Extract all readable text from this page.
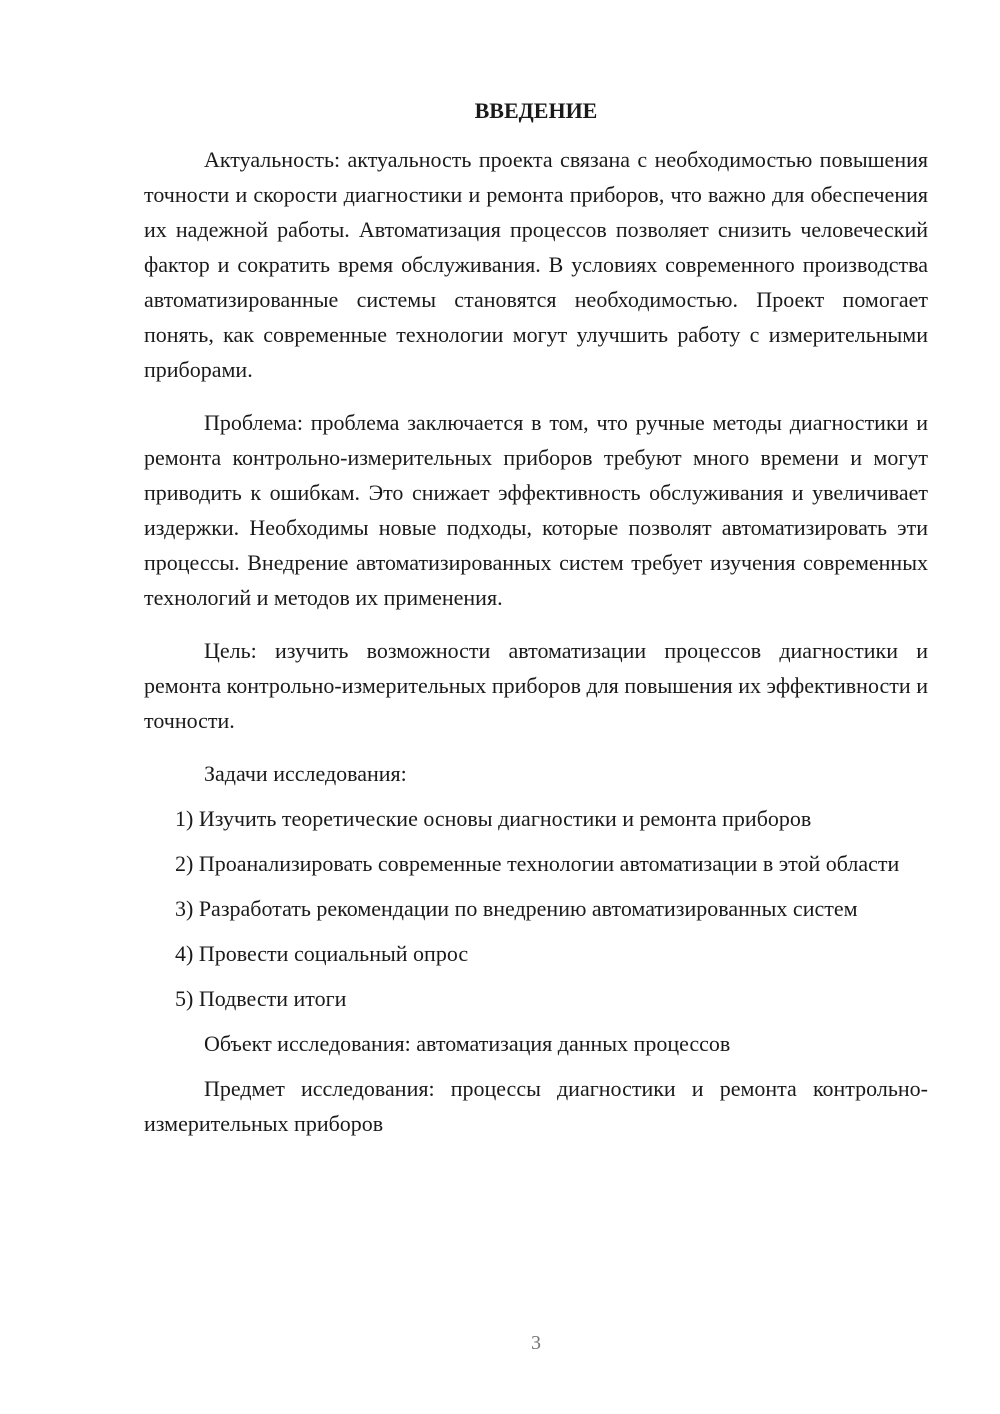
ВВЕДЕНИЕ

Актуальность: актуальность проекта связана с необходимостью повышения точности и скорости диагностики и ремонта приборов, что важно для обеспечения их надежной работы. Автоматизация процессов позволяет снизить человеческий фактор и сократить время обслуживания. В условиях современного производства автоматизированные системы становятся необходимостью. Проект помогает понять, как современные технологии могут улучшить работу с измерительными приборами.

Проблема: проблема заключается в том, что ручные методы диагностики и ремонта контрольно-измерительных приборов требуют много времени и могут приводить к ошибкам. Это снижает эффективность обслуживания и увеличивает издержки. Необходимы новые подходы, которые позволят автоматизировать эти процессы. Внедрение автоматизированных систем требует изучения современных технологий и методов их применения.

Цель: изучить возможности автоматизации процессов диагностики и ремонта контрольно-измерительных приборов для повышения их эффективности и точности.

Задачи исследования:

1) Изучить теоретические основы диагностики и ремонта приборов

2) Проанализировать современные технологии автоматизации в этой области

3) Разработать рекомендации по внедрению автоматизированных систем

4) Провести социальный опрос

5) Подвести итоги

Объект исследования: автоматизация данных процессов

Предмет исследования: процессы диагностики и ремонта контрольно-измерительных приборов

3
